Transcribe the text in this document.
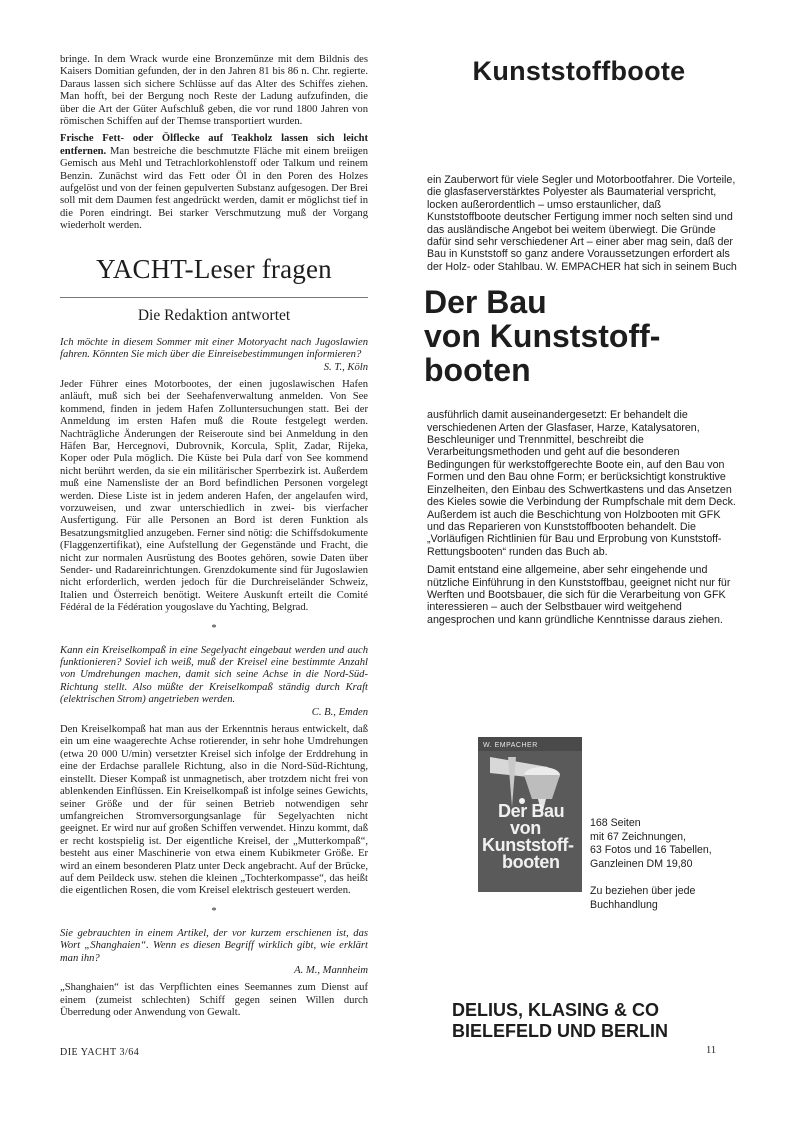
bringe. In dem Wrack wurde eine Bronzemünze mit dem Bildnis des Kaisers Domitian gefunden, der in den Jahren 81 bis 86 n. Chr. regierte. Daraus lassen sich sichere Schlüsse auf das Alter des Schiffes ziehen. Man hofft, bei der Bergung noch Reste der Ladung aufzufinden, die über die Art der Güter Aufschluß geben, die vor rund 1800 Jahren von römischen Schiffen auf der Themse transportiert wurden.

Frische Fett- oder Ölflecke auf Teakholz lassen sich leicht entfernen. Man bestreiche die beschmutzte Fläche mit einem breiigen Gemisch aus Mehl und Tetrachlorkohlenstoff oder Talkum und reinem Benzin. Zunächst wird das Fett oder Öl in den Poren des Holzes aufgelöst und von der feinen gepulverten Substanz aufgesogen. Der Brei soll mit dem Daumen fest angedrückt werden, damit er möglichst tief in die Poren eindringt. Bei starker Verschmutzung muß der Vorgang wiederholt werden.

YACHT-Leser fragen
Die Redaktion antwortet

Ich möchte in diesem Sommer mit einer Motoryacht nach Jugoslawien fahren. Könnten Sie mich über die Einreisebestimmungen informieren?
S. T., Köln

Jeder Führer eines Motorbootes, der einen jugoslawischen Hafen anläuft, muß sich bei der Seehafenverwaltung anmelden. Von See kommend, finden in jedem Hafen Zolluntersuchungen statt. Bei der Anmeldung im ersten Hafen muß die Route festgelegt werden. Nachträgliche Änderungen der Reiseroute sind bei Anmeldung in den Häfen Bar, Hercegnovi, Dubrovnik, Korcula, Split, Zadar, Rijeka, Koper oder Pula möglich. Die Küste bei Pula darf von See kommend nicht berührt werden, da sie ein militärischer Sperrbezirk ist. Außerdem muß eine Namensliste der an Bord befindlichen Personen vorgelegt werden. Diese Liste ist in jedem anderen Hafen, der angelaufen wird, vorzuweisen, und zwar unterschiedlich in zwei- bis vierfacher Ausfertigung. Für alle Personen an Bord ist deren Funktion als Besatzungsmitglied anzugeben. Ferner sind nötig: die Schiffsdokumente (Flaggenzertifikat), eine Aufstellung der Gegenstände und Fracht, die nicht zur normalen Ausrüstung des Bootes gehören, sowie Daten über Sender- und Radareinrichtungen. Grenzdokumente sind für Jugoslawien nicht erforderlich, werden jedoch für die Durchreiseländer Schweiz, Italien und Österreich benötigt. Weitere Auskunft erteilt die Comité Fédéral de la Fédération yougoslave du Yachting, Belgrad.

*

Kann ein Kreiselkompaß in eine Segelyacht eingebaut werden und auch funktionieren? Soviel ich weiß, muß der Kreisel eine bestimmte Anzahl von Umdrehungen machen, damit sich seine Achse in die Nord-Süd-Richtung stellt. Also müßte der Kreiselkompaß ständig durch Kraft (elektrischen Strom) angetrieben werden.
C. B., Emden

Den Kreiselkompaß hat man aus der Erkenntnis heraus entwickelt, daß ein um eine waagerechte Achse rotierender, in sehr hohe Umdrehungen (etwa 20 000 U/min) versetzter Kreisel sich infolge der Erddrehung in eine der Erdachse parallele Richtung, also in die Nord-Süd-Richtung, einstellt. Dieser Kompaß ist unmagnetisch, aber trotzdem nicht frei von ablenkenden Einflüssen. Ein Kreiselkompaß ist infolge seines Gewichts, seiner Größe und der für seinen Betrieb notwendigen sehr umfangreichen Stromversorgungsanlage für Segelyachten nicht geeignet. Er wird nur auf großen Schiffen verwendet. Hinzu kommt, daß er recht kostspielig ist. Der eigentliche Kreisel, der „Mutterkompaß“, besteht aus einer Maschinerie von etwa einem Kubikmeter Größe. Er wird an einem besonderen Platz unter Deck angebracht. Auf der Brücke, auf dem Peildeck usw. stehen die kleinen „Tochterkompasse“, das heißt die eigentlichen Rosen, die vom Kreisel elektrisch gesteuert werden.

*

Sie gebrauchten in einem Artikel, der vor kurzem erschienen ist, das Wort „Shanghaien“. Wenn es diesen Begriff wirklich gibt, wie erklärt man ihn?
A. M., Mannheim

„Shanghaien“ ist das Verpflichten eines Seemannes zum Dienst auf einem (zumeist schlechten) Schiff gegen seinen Willen durch Überredung oder Anwendung von Gewalt.

DIE YACHT 3/64
Kunststoffboote

ein Zauberwort für viele Segler und Motorbootfahrer. Die Vorteile, die glasfaserverstärktes Polyester als Baumaterial verspricht, locken außerordentlich – umso erstaunlicher, daß Kunststoffboote deutscher Fertigung immer noch selten sind und das ausländische Angebot bei weitem überwiegt. Die Gründe dafür sind sehr verschiedener Art – einer aber mag sein, daß der Bau in Kunststoff so ganz andere Voraussetzungen erfordert als der Holz- oder Stahlbau. W. EMPACHER hat sich in seinem Buch

Der Bau
von Kunststoff-
booten

ausführlich damit auseinandergesetzt: Er behandelt die verschiedenen Arten der Glasfaser, Harze, Katalysatoren, Beschleuniger und Trennmittel, beschreibt die Verarbeitungsmethoden und geht auf die besonderen Bedingungen für werkstoffgerechte Boote ein, auf den Bau von Formen und den Bau ohne Form; er berücksichtigt konstruktive Einzelheiten, den Einbau des Schwertkastens und das Ansetzen des Kieles sowie die Verbindung der Rumpfschale mit dem Deck. Außerdem ist auch die Beschichtung von Holzbooten mit GFK und das Reparieren von Kunststoffbooten behandelt. Die „Vorläufigen Richtlinien für Bau und Erprobung von Kunststoff-Rettungsbooten“ runden das Buch ab.

Damit entstand eine allgemeine, aber sehr eingehende und nützliche Einführung in den Kunststoffbau, geeignet nicht nur für Werften und Bootsbauer, die sich für die Verarbeitung von GFK interessieren – auch der Selbstbauer wird weitgehend angesprochen und kann gründliche Kenntnisse daraus ziehen.

W. EMPACHER
Der Bau
von
Kunststoff-
booten
168 Seiten
mit 67 Zeichnungen,
63 Fotos und 16 Tabellen,
Ganzleinen DM 19,80
Zu beziehen über jede
Buchhandlung
DELIUS, KLASING & CO
BIELEFELD UND BERLIN
11
